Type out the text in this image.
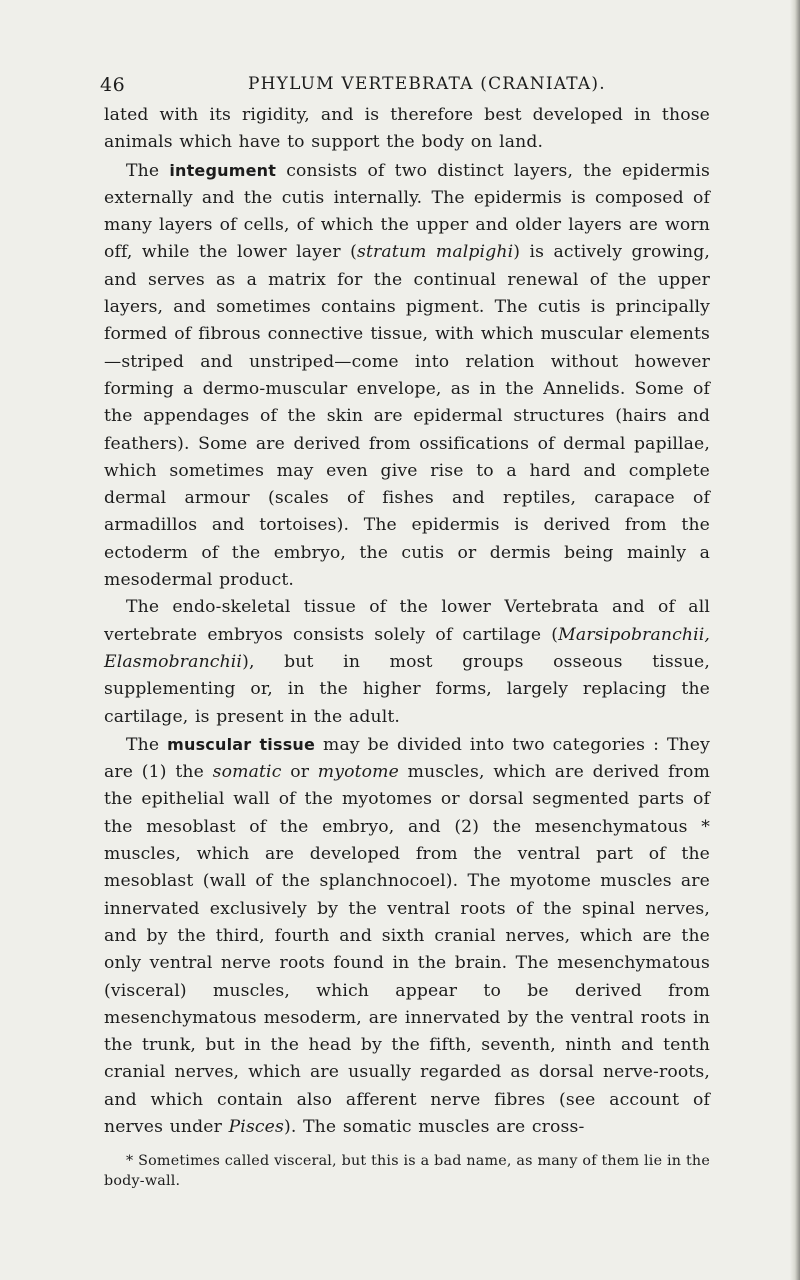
46	PHYLUM VERTEBRATA (CRANIATA).

lated with its rigidity, and is therefore best developed in those animals which have to support the body on land.

The integument consists of two distinct layers, the epidermis externally and the cutis internally. The epidermis is composed of many layers of cells, of which the upper and older layers are worn off, while the lower layer (stratum malpighi) is actively growing, and serves as a matrix for the continual renewal of the upper layers, and sometimes contains pigment. The cutis is principally formed of fibrous connective tissue, with which muscular elements—striped and unstriped—come into relation without however forming a dermo-muscular envelope, as in the Annelids. Some of the appendages of the skin are epidermal structures (hairs and feathers). Some are derived from ossifications of dermal papillae, which sometimes may even give rise to a hard and complete dermal armour (scales of fishes and reptiles, carapace of armadillos and tortoises). The epidermis is derived from the ectoderm of the embryo, the cutis or dermis being mainly a mesodermal product.

The endo-skeletal tissue of the lower Vertebrata and of all vertebrate embryos consists solely of cartilage (Marsipobranchii, Elasmobranchii), but in most groups osseous tissue, supplementing or, in the higher forms, largely replacing the cartilage, is present in the adult.

The muscular tissue may be divided into two categories : They are (1) the somatic or myotome muscles, which are derived from the epithelial wall of the myotomes or dorsal segmented parts of the mesoblast of the embryo, and (2) the mesenchymatous * muscles, which are developed from the ventral part of the mesoblast (wall of the splanchnocoel). The myotome muscles are innervated exclusively by the ventral roots of the spinal nerves, and by the third, fourth and sixth cranial nerves, which are the only ventral nerve roots found in the brain. The mesenchymatous (visceral) muscles, which appear to be derived from mesenchymatous mesoderm, are innervated by the ventral roots in the trunk, but in the head by the fifth, seventh, ninth and tenth cranial nerves, which are usually regarded as dorsal nerve-roots, and which contain also afferent nerve fibres (see account of nerves under Pisces). The somatic muscles are cross-

* Sometimes called visceral, but this is a bad name, as many of them lie in the body-wall.
